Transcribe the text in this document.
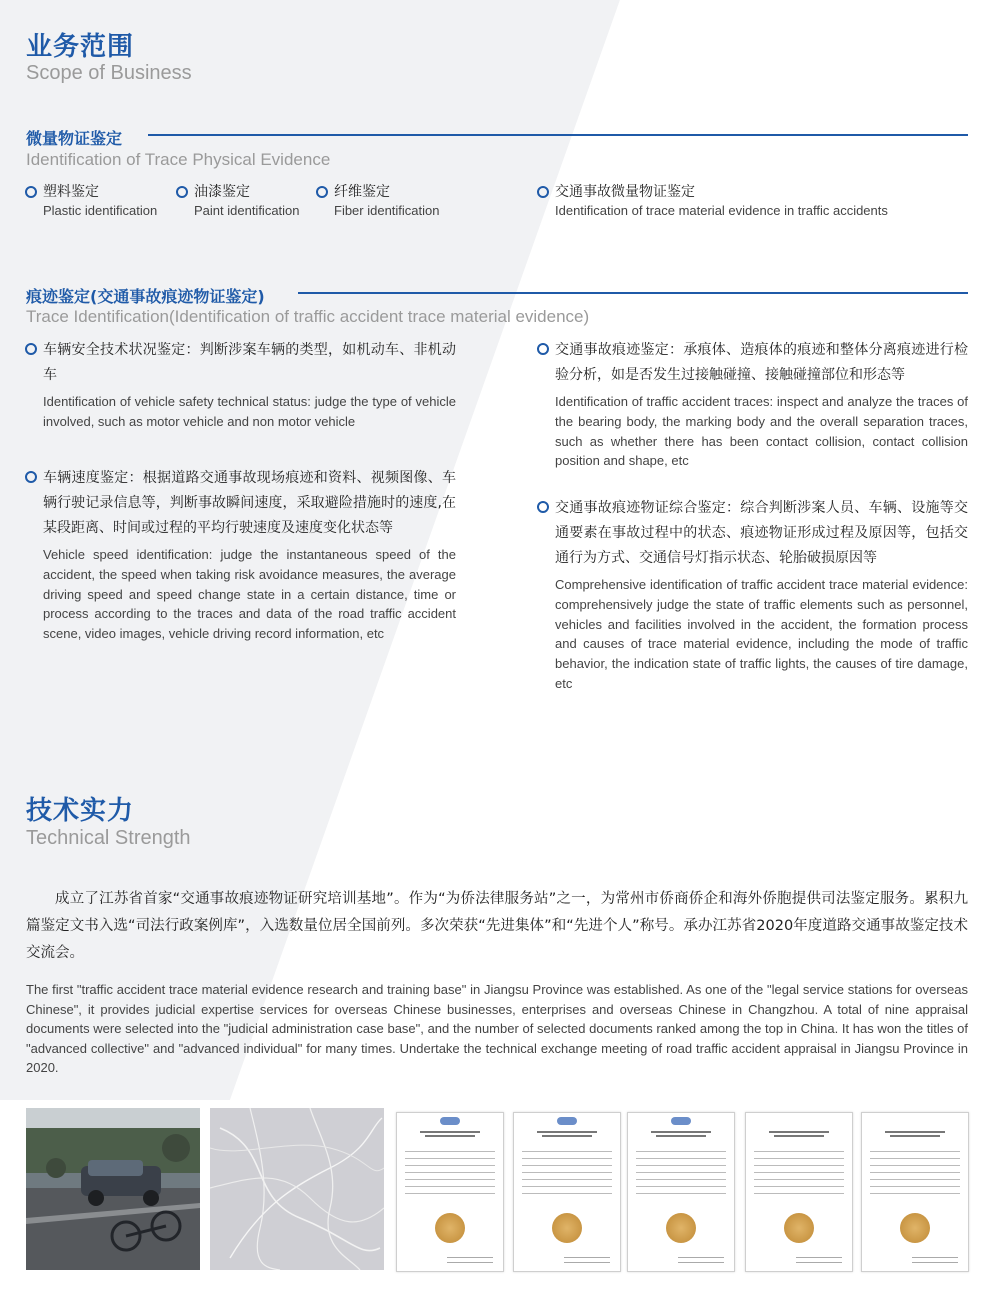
业务范围
Scope of Business
微量物证鉴定
Identification of Trace Physical Evidence
塑料鉴定
Plastic identification
油漆鉴定
Paint identification
纤维鉴定
Fiber identification
交通事故微量物证鉴定
Identification of trace material evidence in traffic accidents
痕迹鉴定(交通事故痕迹物证鉴定)
Trace Identification(Identification of traffic accident trace material evidence)
车辆安全技术状况鉴定：判断涉案车辆的类型，如机动车、非机动车
Identification of vehicle safety technical status: judge the type of vehicle involved, such as motor vehicle and non motor vehicle
车辆速度鉴定：根据道路交通事故现场痕迹和资料、视频图像、车辆行驶记录信息等，判断事故瞬间速度，采取避险措施时的速度,在某段距离、时间或过程的平均行驶速度及速度变化状态等
Vehicle speed identification: judge the instantaneous speed of the accident, the speed when taking risk avoidance measures, the average driving speed and speed change state in a certain distance, time or process according to the traces and data of the road traffic accident scene, video images, vehicle driving record information, etc
交通事故痕迹鉴定：承痕体、造痕体的痕迹和整体分离痕迹进行检验分析，如是否发生过接触碰撞、接触碰撞部位和形态等
Identification of traffic accident traces: inspect and analyze the traces of the bearing body, the marking body and the overall separation traces, such as whether there has been contact collision, contact collision position and shape, etc
交通事故痕迹物证综合鉴定：综合判断涉案人员、车辆、设施等交通要素在事故过程中的状态、痕迹物证形成过程及原因等，包括交通行为方式、交通信号灯指示状态、轮胎破损原因等
Comprehensive identification of traffic accident trace material evidence: comprehensively judge the state of traffic elements such as personnel, vehicles and facilities involved in the accident, the formation process and causes of trace material evidence, including the mode of traffic behavior, the indication state of traffic lights, the causes of tire damage, etc
技术实力
Technical Strength
成立了江苏省首家“交通事故痕迹物证研究培训基地”。作为“为侨法律服务站”之一，为常州市侨商侨企和海外侨胞提供司法鉴定服务。累积九篇鉴定文书入选“司法行政案例库”，入选数量位居全国前列。多次荣获“先进集体”和“先进个人”称号。承办江苏省2020年度道路交通事故鉴定技术交流会。
The first "traffic accident trace material evidence research and training base" in Jiangsu Province was established. As one of the "legal service stations for overseas Chinese", it provides judicial expertise services for overseas Chinese businesses, enterprises and overseas Chinese in Changzhou. A total of nine appraisal documents were selected into the "judicial administration case base", and the number of selected documents ranked among the top in China. It has won the titles of "advanced collective" and "advanced individual" for many times. Undertake the technical exchange meeting of road traffic accident appraisal in Jiangsu Province in 2020.
